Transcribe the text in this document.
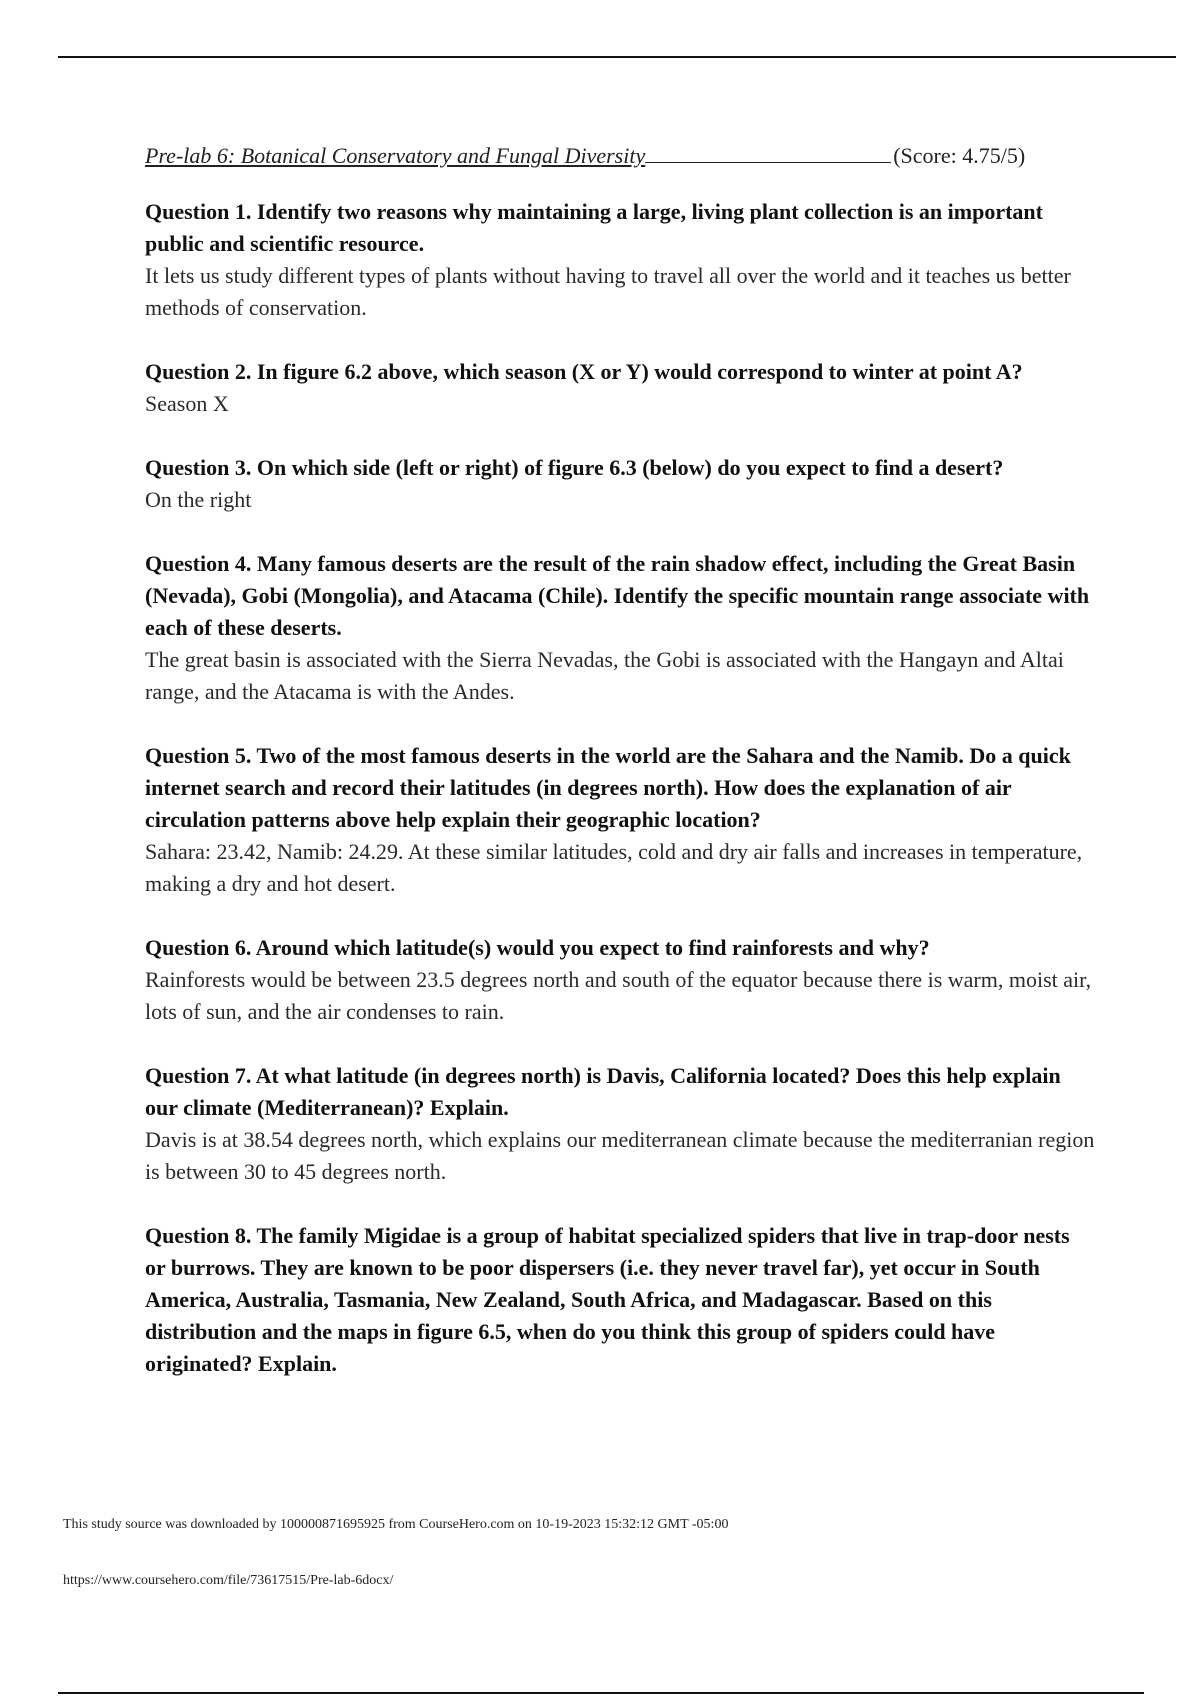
Pre-lab 6: Botanical Conservatory and Fungal Diversity	(Score: 4.75/5)

Question 1. Identify two reasons why maintaining a large, living plant collection is an important public and scientific resource.

It lets us study different types of plants without having to travel all over the world and it teaches us better methods of conservation.

Question 2. In figure 6.2 above, which season (X or Y) would correspond to winter at point A?

Season X

Question 3. On which side (left or right) of figure 6.3 (below) do you expect to find a desert?

On the right

Question 4. Many famous deserts are the result of the rain shadow effect, including the Great Basin (Nevada), Gobi (Mongolia), and Atacama (Chile). Identify the specific mountain range associate with each of these deserts.

The great basin is associated with the Sierra Nevadas, the Gobi is associated with the Hangayn and Altai range, and the Atacama is with the Andes.

Question 5. Two of the most famous deserts in the world are the Sahara and the Namib. Do a quick internet search and record their latitudes (in degrees north). How does the explanation of air circulation patterns above help explain their geographic location?

Sahara: 23.42, Namib: 24.29. At these similar latitudes, cold and dry air falls and increases in temperature, making a dry and hot desert.

Question 6. Around which latitude(s) would you expect to find rainforests and why?

Rainforests would be between 23.5 degrees north and south of the equator because there is warm, moist air, lots of sun, and the air condenses to rain.

Question 7. At what latitude (in degrees north) is Davis, California located? Does this help explain our climate (Mediterranean)? Explain.

Davis is at 38.54 degrees north, which explains our mediterranean climate because the mediterranian region is between 30 to 45 degrees north.

Question 8. The family Migidae is a group of habitat specialized spiders that live in trap-door nests or burrows. They are known to be poor dispersers (i.e. they never travel far), yet occur in South America, Australia, Tasmania, New Zealand, South Africa, and Madagascar. Based on this distribution and the maps in figure 6.5, when do you think this group of spiders could have originated? Explain.

This study source was downloaded by 100000871695925 from CourseHero.com on 10-19-2023 15:32:12 GMT -05:00
https://www.coursehero.com/file/73617515/Pre-lab-6docx/
